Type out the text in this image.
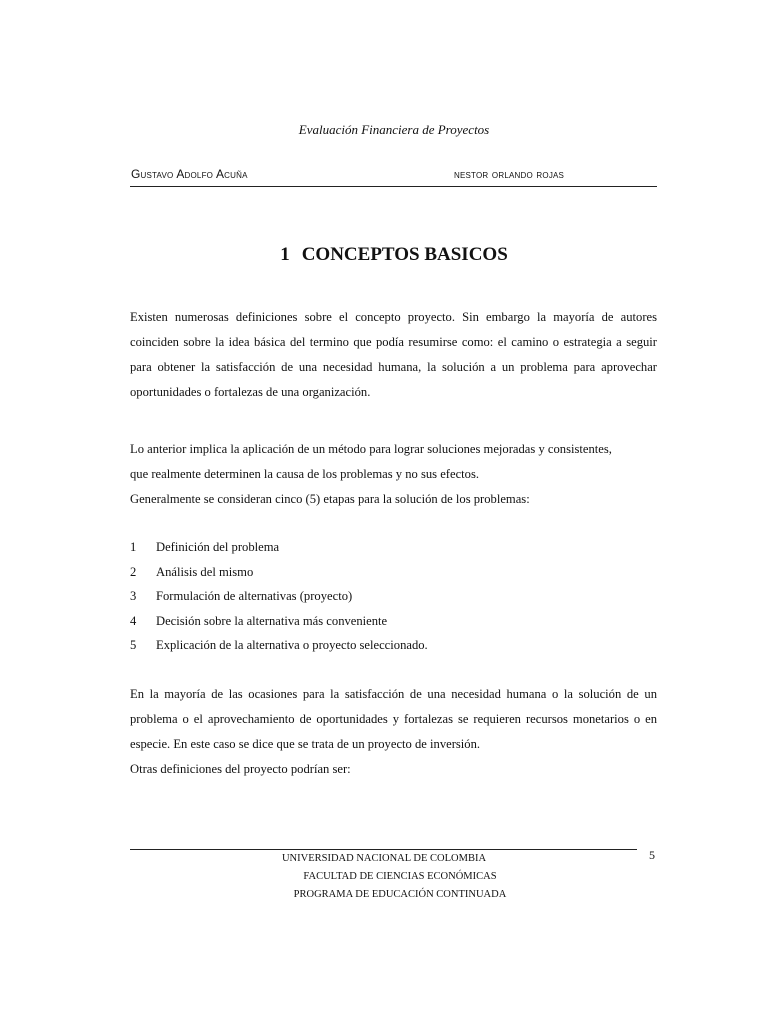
Evaluación Financiera de Proyectos
Gustavo Adolfo Acuña	nestor orlando rojas
1 CONCEPTOS BASICOS
Existen numerosas definiciones sobre el concepto proyecto. Sin embargo la mayoría de autores coinciden sobre la idea básica del termino que podía resumirse como: el camino o estrategia a seguir para obtener la satisfacción de una necesidad humana, la solución a un problema para aprovechar oportunidades o fortalezas de una organización.
Lo anterior implica la aplicación de un método para lograr soluciones mejoradas y consistentes,
que realmente determinen la causa de los problemas y no sus efectos.
Generalmente se consideran cinco (5) etapas para la solución de los problemas:
1	Definición del problema
2	Análisis del mismo
3	Formulación de alternativas (proyecto)
4	Decisión sobre la alternativa más conveniente
5	Explicación de la alternativa o proyecto seleccionado.
En la mayoría de las ocasiones para la satisfacción de una necesidad humana o la solución de un problema o el aprovechamiento de oportunidades y fortalezas se requieren recursos monetarios o en especie. En este caso se dice que se trata de un proyecto de inversión.
Otras definiciones del proyecto podrían ser:
5
UNIVERSIDAD NACIONAL DE COLOMBIA
FACULTAD DE CIENCIAS ECONÓMICAS
PROGRAMA DE EDUCACIÓN CONTINUADA
